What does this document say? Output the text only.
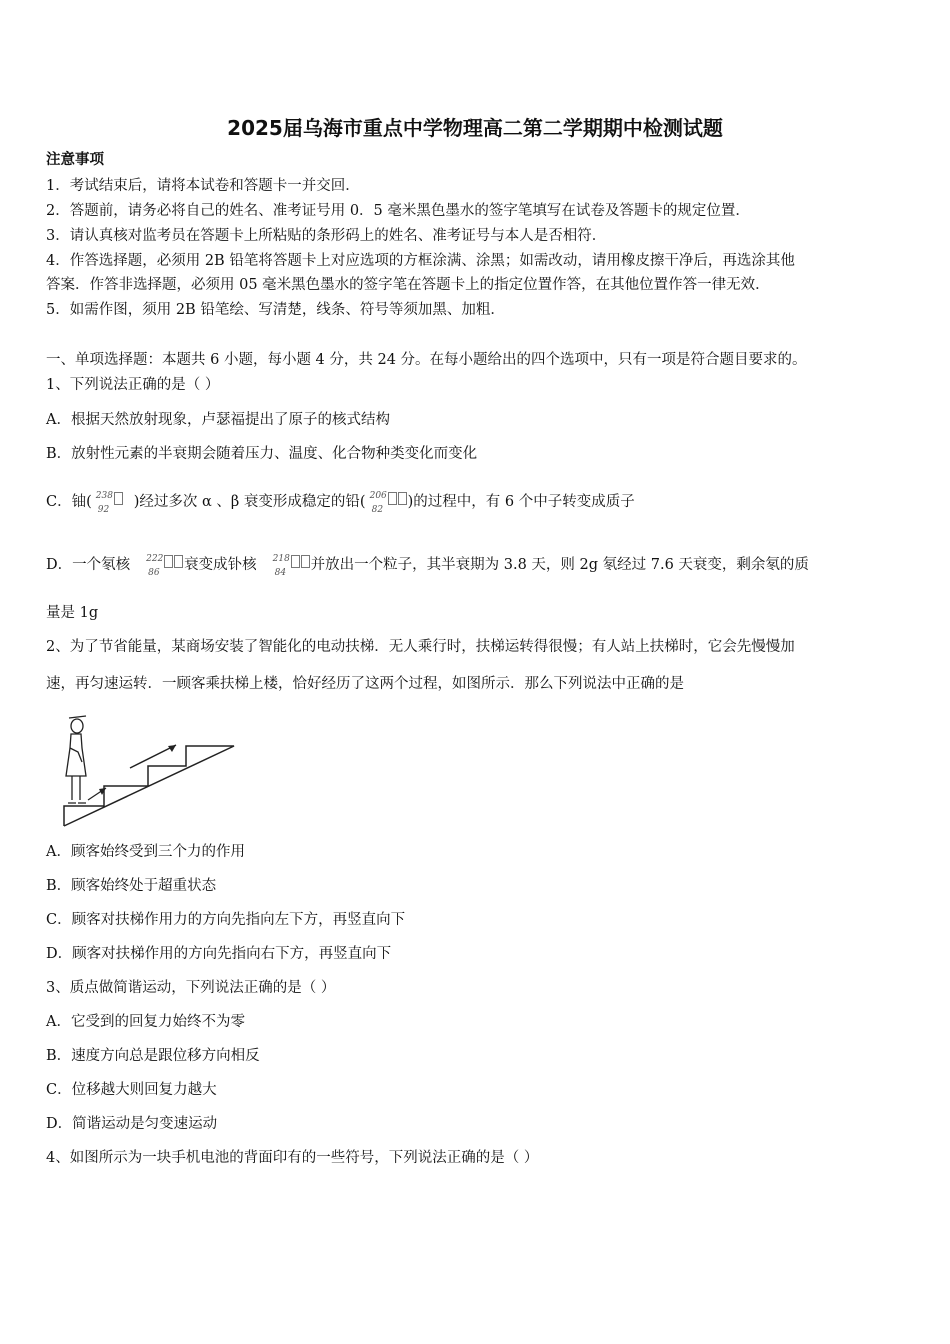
2025届乌海市重点中学物理高二第二学期期中检测试题
注意事项
1．考试结束后，请将本试卷和答题卡一并交回．
2．答题前，请务必将自己的姓名、准考证号用 0．5 毫米黑色墨水的签字笔填写在试卷及答题卡的规定位置．
3．请认真核对监考员在答题卡上所粘贴的条形码上的姓名、准考证号与本人是否相符．
4．作答选择题，必须用 2B 铅笔将答题卡上对应选项的方框涂满、涂黑；如需改动，请用橡皮擦干净后，再选涂其他
答案．作答非选择题，必须用 05 毫米黑色墨水的签字笔在答题卡上的指定位置作答，在其他位置作答一律无效．
5．如需作图，须用 2B 铅笔绘、写清楚，线条、符号等须加黑、加粗．
一、单项选择题：本题共 6 小题，每小题 4 分，共 24 分。在每小题给出的四个选项中，只有一项是符合题目要求的。
1、下列说法正确的是（ ）
A．根据天然放射现象，卢瑟福提出了原子的核式结构
B．放射性元素的半衰期会随着压力、温度、化合物种类变化而变化
C．铀( 238
92 )经过多次 α 、β 衰变形成稳定的铅( 206
82 )的过程中，有 6 个中子转变成质子
D．一个氡核 222
86 衰变成钋核 218
84 并放出一个粒子，其半衰期为 3.8 天，则 2g 氡经过 7.6 天衰变，剩余氡的质
量是 1g
2、为了节省能量，某商场安装了智能化的电动扶梯．无人乘行时，扶梯运转得很慢；有人站上扶梯时，它会先慢慢加
速，再匀速运转．一顾客乘扶梯上楼，恰好经历了这两个过程，如图所示．那么下列说法中正确的是
A．顾客始终受到三个力的作用
B．顾客始终处于超重状态
C．顾客对扶梯作用力的方向先指向左下方，再竖直向下
D．顾客对扶梯作用的方向先指向右下方，再竖直向下
3、质点做简谐运动，下列说法正确的是（ ）
A．它受到的回复力始终不为零
B．速度方向总是跟位移方向相反
C．位移越大则回复力越大
D．简谐运动是匀变速运动
4、如图所示为一块手机电池的背面印有的一些符号，下列说法正确的是（ ）
